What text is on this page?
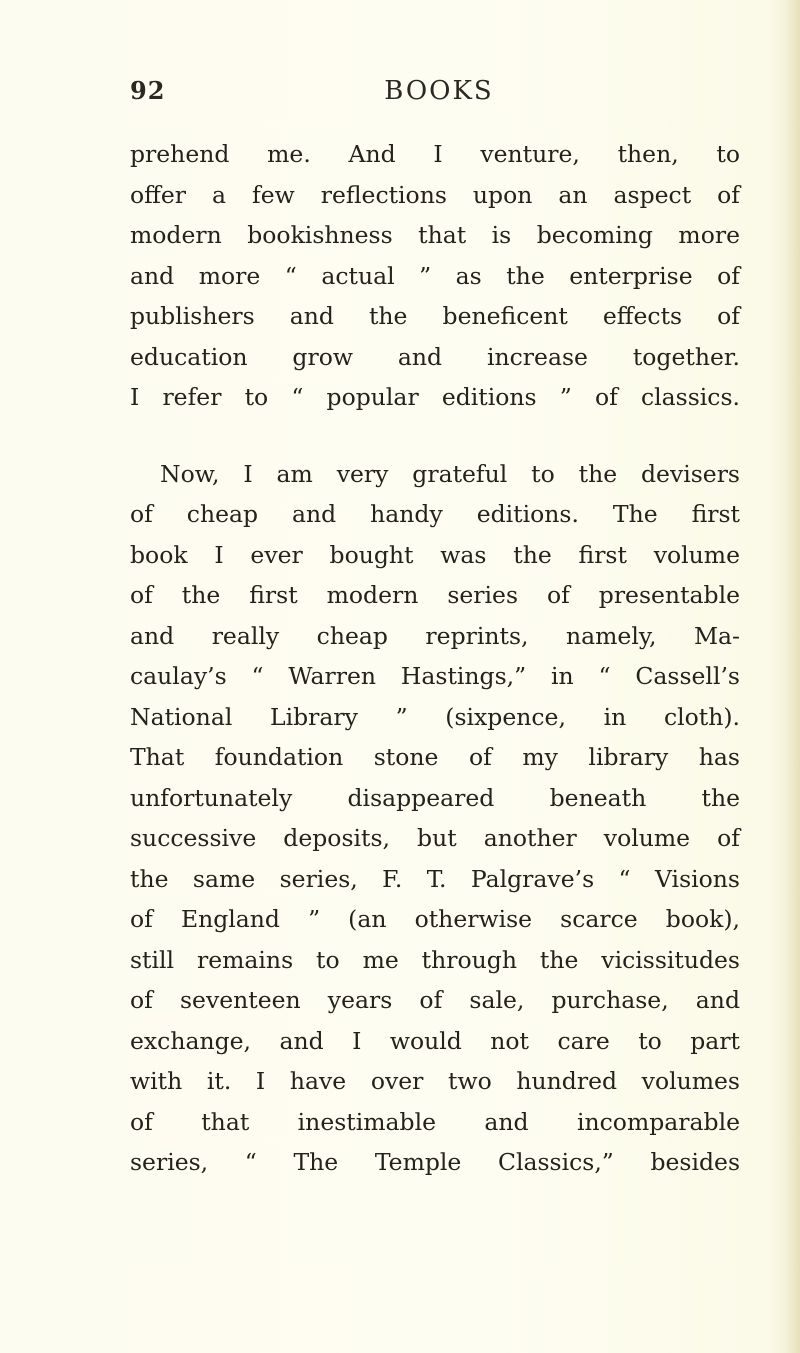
92	BOOKS

prehend me. And I venture, then, to
offer a few reflections upon an aspect of
modern bookishness that is becoming more
and more “ actual ” as the enterprise of
publishers and the beneficent effects of
education grow and increase together.
I refer to “ popular editions ” of classics.

Now, I am very grateful to the devisers
of cheap and handy editions. The first
book I ever bought was the first volume
of the first modern series of presentable
and really cheap reprints, namely, Ma-
caulay’s “ Warren Hastings,” in “ Cassell’s
National Library ” (sixpence, in cloth).
That foundation stone of my library has
unfortunately disappeared beneath the
successive deposits, but another volume of
the same series, F. T. Palgrave’s “ Visions
of England ” (an otherwise scarce book),
still remains to me through the vicissitudes
of seventeen years of sale, purchase, and
exchange, and I would not care to part
with it. I have over two hundred volumes
of that inestimable and incomparable
series, “ The Temple Classics,” besides
